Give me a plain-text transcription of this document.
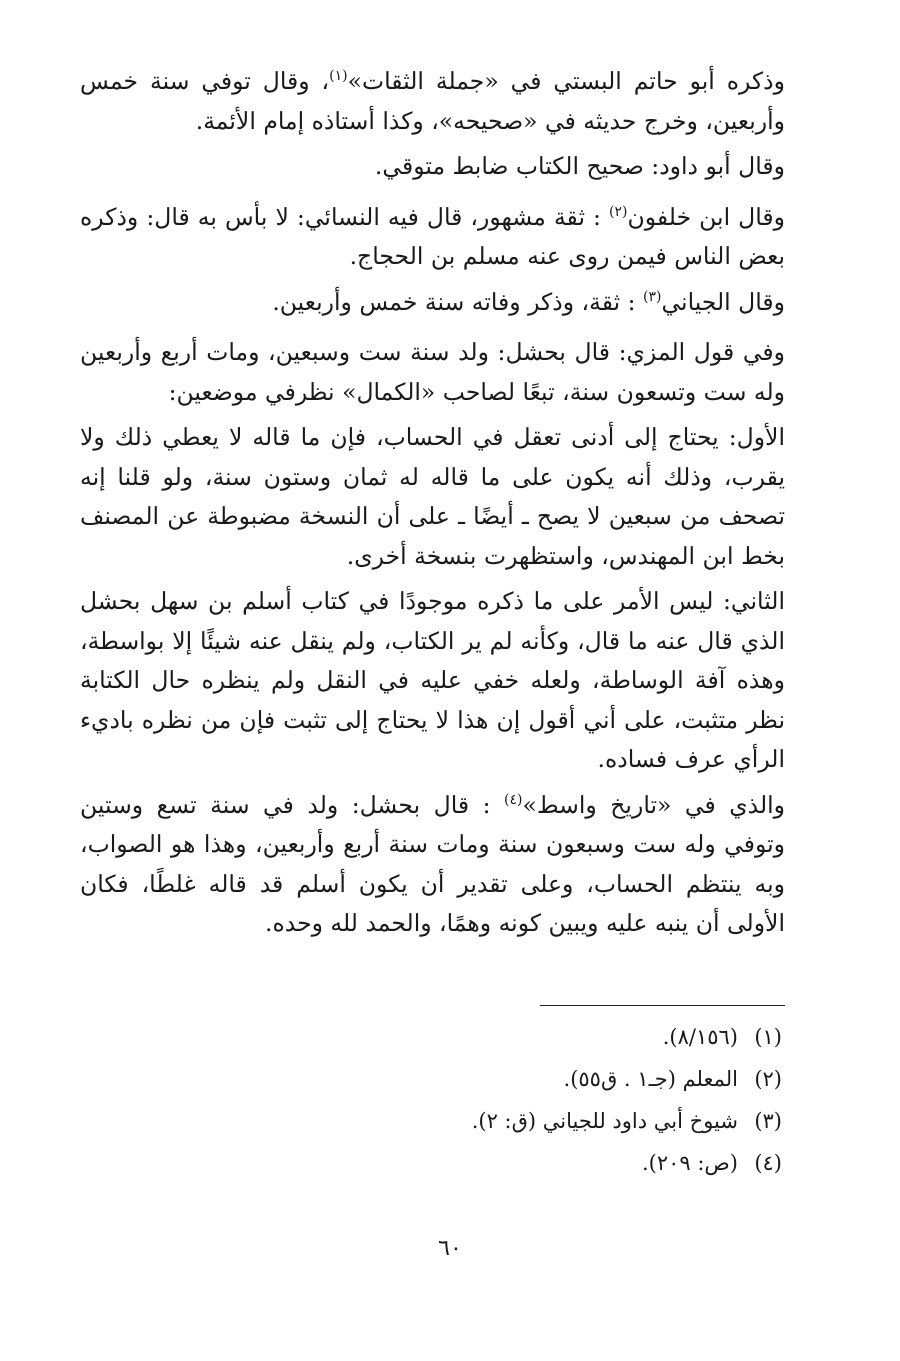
وذكره أبو حاتم البستي في «جملة الثقات»$^{(١)}$، وقال توفي سنة خمس وأربعين، وخرج حديثه في «صحيحه»، وكذا أستاذه إمام الأئمة.

وقال أبو داود: صحيح الكتاب ضابط متوقي.

وقال ابن خلفون$^{(٢)}$ : ثقة مشهور، قال فيه النسائي: لا بأس به قال: وذكره بعض الناس فيمن روى عنه مسلم بن الحجاج.

وقال الجياني$^{(٣)}$ : ثقة، وذكر وفاته سنة خمس وأربعين.

وفي قول المزي: قال بحشل: ولد سنة ست وسبعين، ومات أربع وأربعين وله ست وتسعون سنة، تبعًا لصاحب «الكمال» نظرفي موضعين:

الأول: يحتاج إلى أدنى تعقل في الحساب، فإن ما قاله لا يعطي ذلك ولا يقرب، وذلك أنه يكون على ما قاله له ثمان وستون سنة، ولو قلنا إنه تصحف من سبعين لا يصح ـ أيضًا ـ على أن النسخة مضبوطة عن المصنف بخط ابن المهندس، واستظهرت بنسخة أخرى.

الثاني: ليس الأمر على ما ذكره موجودًا في كتاب أسلم بن سهل بحشل الذي قال عنه ما قال، وكأنه لم ير الكتاب، ولم ينقل عنه شيئًا إلا بواسطة، وهذه آفة الوساطة، ولعله خفي عليه في النقل ولم ينظره حال الكتابة نظر متثبت، على أني أقول إن هذا لا يحتاج إلى تثبت فإن من نظره باديء الرأي عرف فساده.

والذي في «تاريخ واسط»$^{(٤)}$ : قال بحشل: ولد في سنة تسع وستين وتوفي وله ست وسبعون سنة ومات سنة أربع وأربعين، وهذا هو الصواب، وبه ينتظم الحساب، وعلى تقدير أن يكون أسلم قد قاله غلطًا، فكان الأولى أن ينبه عليه ويبين كونه وهمًا، والحمد لله وحده.

(١)(٨/١٥٦).

(٢)المعلم (جـ١ . ق٥٥).

(٣)شيوخ أبي داود للجياني (ق: ٢).

(٤)(ص: ٢٠٩).

٦٠
